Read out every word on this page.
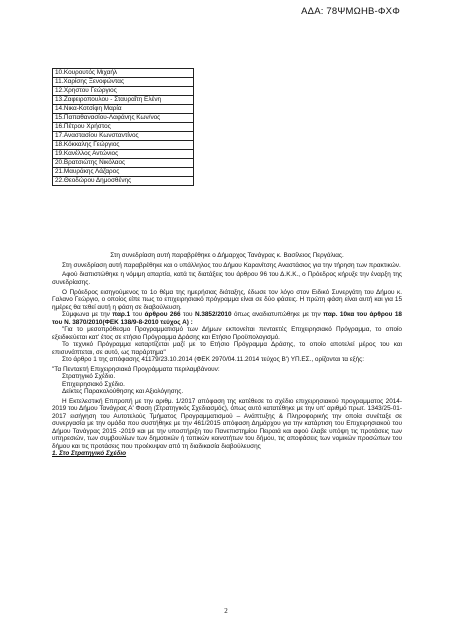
ΑΔΑ: 78ΨΜΩΗΒ-ΦΧΦ
10.Κουρουτός Μιχαήλ
11.Χαρίσης Ξενοφώντας
12.Χρηστου Γεώργιος
13.Ζαφειροπουλου - Σταυραΐτη Ελένη
14.Νικα-Κοτσίφη Μαρία
15.Παπαθανασίου-Λαφάνης Κων/νος
16.Πέτρου Χρήστος
17.Αναστασίου Κωνσταντίνος
18.Κόκκαλης Γεώργιος
19.Κανέλλος Αντώνιος
20.Βρατσιώτης Νικόλαος
21.Μαυράκης Λάζαρος
22.Θεοδώρου Δημοσθένης

Στη συνεδρίαση αυτή παραβρέθηκε ο Δήμαρχος Τανάγρας κ. Βασίλειος Περγάλιας.

Στη συνεδρίαση αυτή παραβρέθηκε και ο υπάλληλος του Δήμου Καρανίτσης Αναστάσιος για την τήρηση των πρακτικών.

Αφού διαπιστώθηκε η νόμιμη απαρτία, κατά τις διατάξεις του άρθρου 96 του Δ.Κ.Κ., ο Πρόεδρος κήρυξε την έναρξη της συνεδρίασης.

Ο Πρόεδρος εισηγούμενος το 1ο θέμα της ημερήσιας διάταξης, έδωσε τον λόγο στον Ειδικό Συνεργάτη του Δήμου κ. Γαλανο Γεώργιο, ο οποίος είπε πως το επιχειρησιακό πρόγραμμα είναι σε δύο φάσεις. Η πρώτη φάση είναι αυτή και για 15 ημέρες θα τεθεί αυτή η φάση σε διαβούλευση.

Σύμφωνα με την παρ.1 του άρθρου 266 του Ν.3852/2010 όπως αναδιατυπώθηκε με την παρ. 10κα του άρθρου 18 του Ν. 3870/2010(ΦΕΚ 138/9-8-2010 τεύχος Α) :

"Για το μεσοπρόθεσμο Προγραμματισμό των Δήμων εκπονείται πενταετές Επιχειρησιακό Πρόγραμμα, το οποίο εξειδικεύεται κατ' έτος σε ετήσιο Πρόγραμμα Δράσης και Ετήσιο Προϋπολογισμό.

Το τεχνικό Πρόγραμμα καταρτίζεται μαζί με το Ετήσιο Πρόγραμμα Δράσης, το οποίο αποτελεί μέρος του και επισυνάπτεται, σε αυτό, ως παράρτημα"

Στο άρθρο 1 της απόφασης 41179/23.10.2014 (ΦΕΚ 2970/04.11.2014 τεύχος Β') ΥΠ.ΕΣ., ορίζονται τα εξής:

"Τα Πενταετή Επιχειρησιακά Προγράμματα περιλαμβάνουν:

Στρατηγικό Σχέδιο.

Επιχειρησιακό Σχέδιο.

Δείκτες Παρακολούθησης και Αξιολόγησης.

Η Εκτελεστική Επιτροπή με την αριθμ. 1/2017 απόφαση της κατέθεσε το σχέδιο επιχειρησιακού προγραμματος 2014-2019 του Δήμου Τανάγρας Α' Φαση (Στρατηγικός Σχεδιασμός), όπως αυτό κατατέθηκε με την υπ' αριθμό πρωτ. 1343/25-01-2017 εισήγηση του Αυτοτελούς Τμήματος Προγραμματισμού – Ανάπτυξης & Πληροφορικής την οποία συνέταξε σε συνεργασία με την ομάδα που συστήθηκε με την 461/2015 απόφαση Δημάρχου για την κατάρτιση του Επιχειρησιακού του Δήμου Τανάγρας 2015 -2019 και με την υποστήριξη του Πανεπιστημίου Πειραιά και αφού έλαβε υπόψη τις προτάσεις των υπηρεσιών, των συμβουλίων των δημοτικών ή τοπικών κοινοτήτων του δήμου, τις αποφάσεις των νομικών προσώπων του δήμου και τις προτάσεις που προέκυψαν από τη διαδικασία διαβούλευσης

1. Στο Στρατηγικό Σχέδιο

2
